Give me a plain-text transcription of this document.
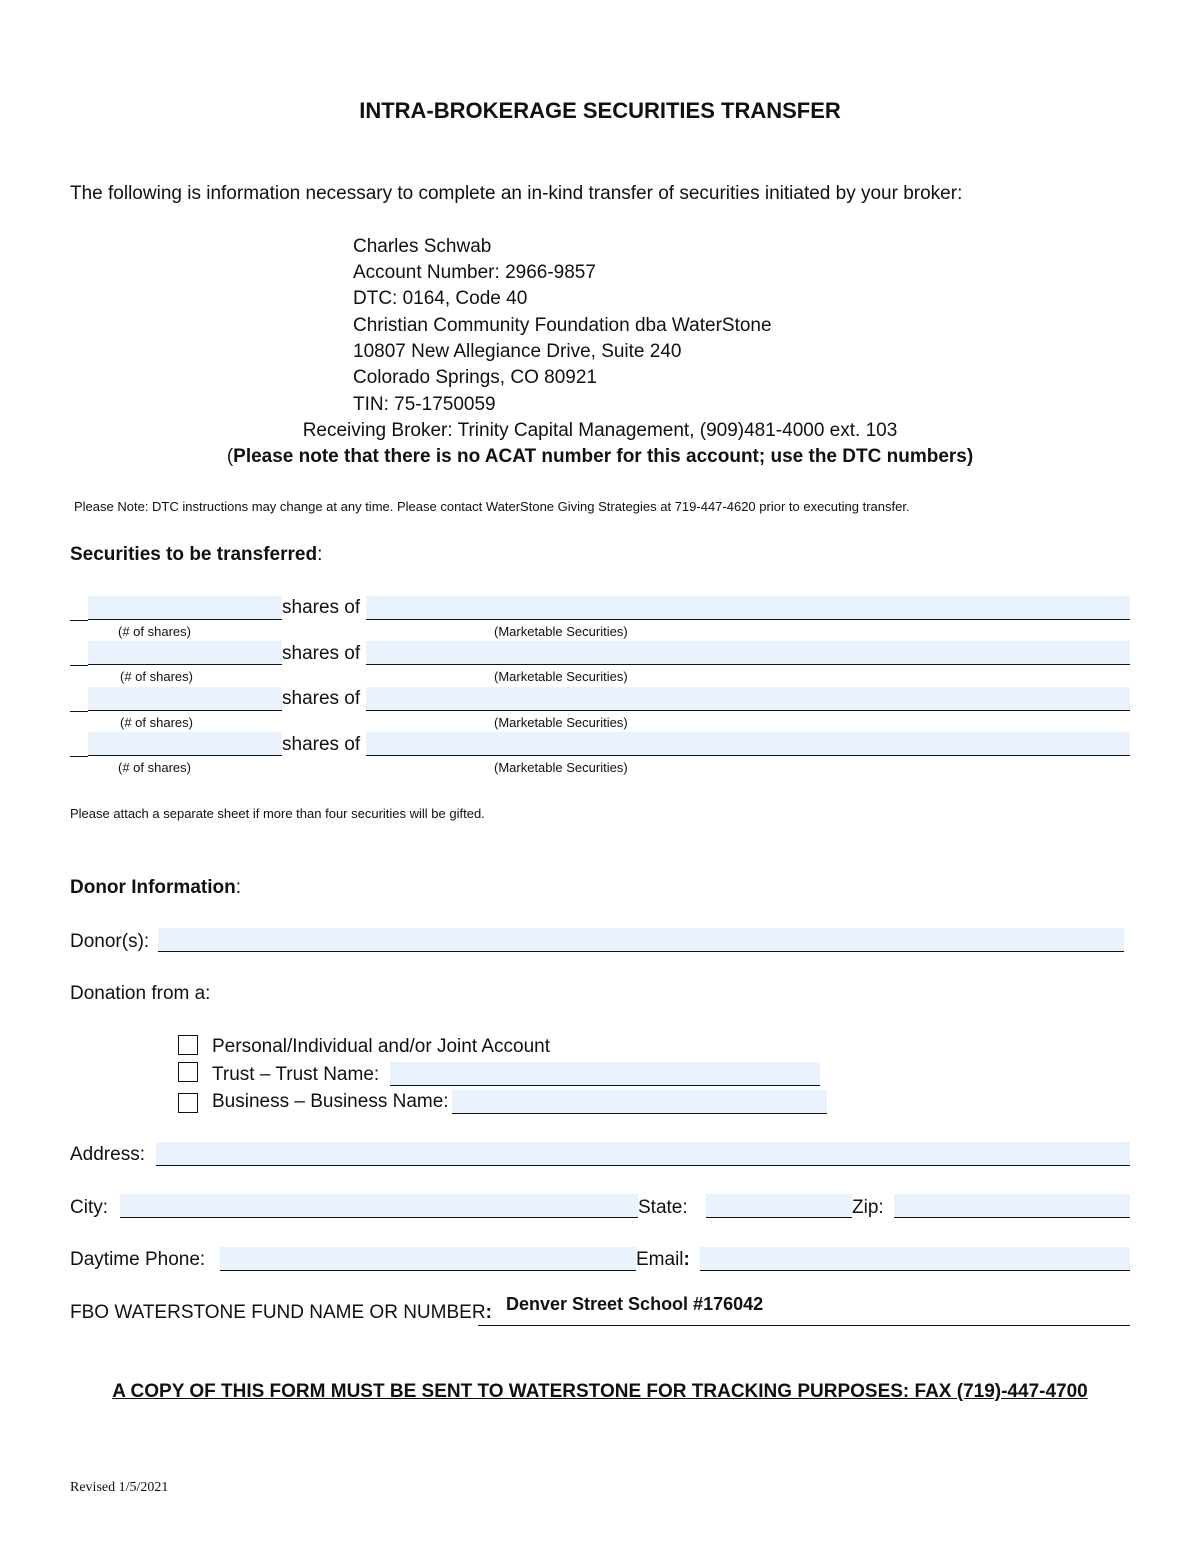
INTRA-BROKERAGE SECURITIES TRANSFER
The following is information necessary to complete an in-kind transfer of securities initiated by your broker:
Charles Schwab
Account Number: 2966-9857
DTC: 0164, Code 40
Christian Community Foundation dba WaterStone
10807 New Allegiance Drive, Suite 240
Colorado Springs, CO 80921
TIN: 75-1750059
Receiving Broker: Trinity Capital Management, (909)481-4000 ext. 103
(Please note that there is no ACAT number for this account; use the DTC numbers)
Please Note: DTC instructions may change at any time. Please contact WaterStone Giving Strategies at 719-447-4620 prior to executing transfer.
Securities to be transferred:
shares of
(# of shares)	(Marketable Securities)
shares of
(# of shares)	(Marketable Securities)
shares of
(# of shares)	(Marketable Securities)
shares of
(# of shares)	(Marketable Securities)
Please attach a separate sheet if more than four securities will be gifted.
Donor Information:
Donor(s):
Donation from a:
Personal/Individual and/or Joint Account
Trust – Trust Name:
Business – Business Name:
Address:
City:	State:	Zip:
Daytime Phone:	Email:
FBO WATERSTONE FUND NAME OR NUMBER: Denver Street School #176042
A COPY OF THIS FORM MUST BE SENT TO WATERSTONE FOR TRACKING PURPOSES: FAX (719)-447-4700
Revised 1/5/2021
